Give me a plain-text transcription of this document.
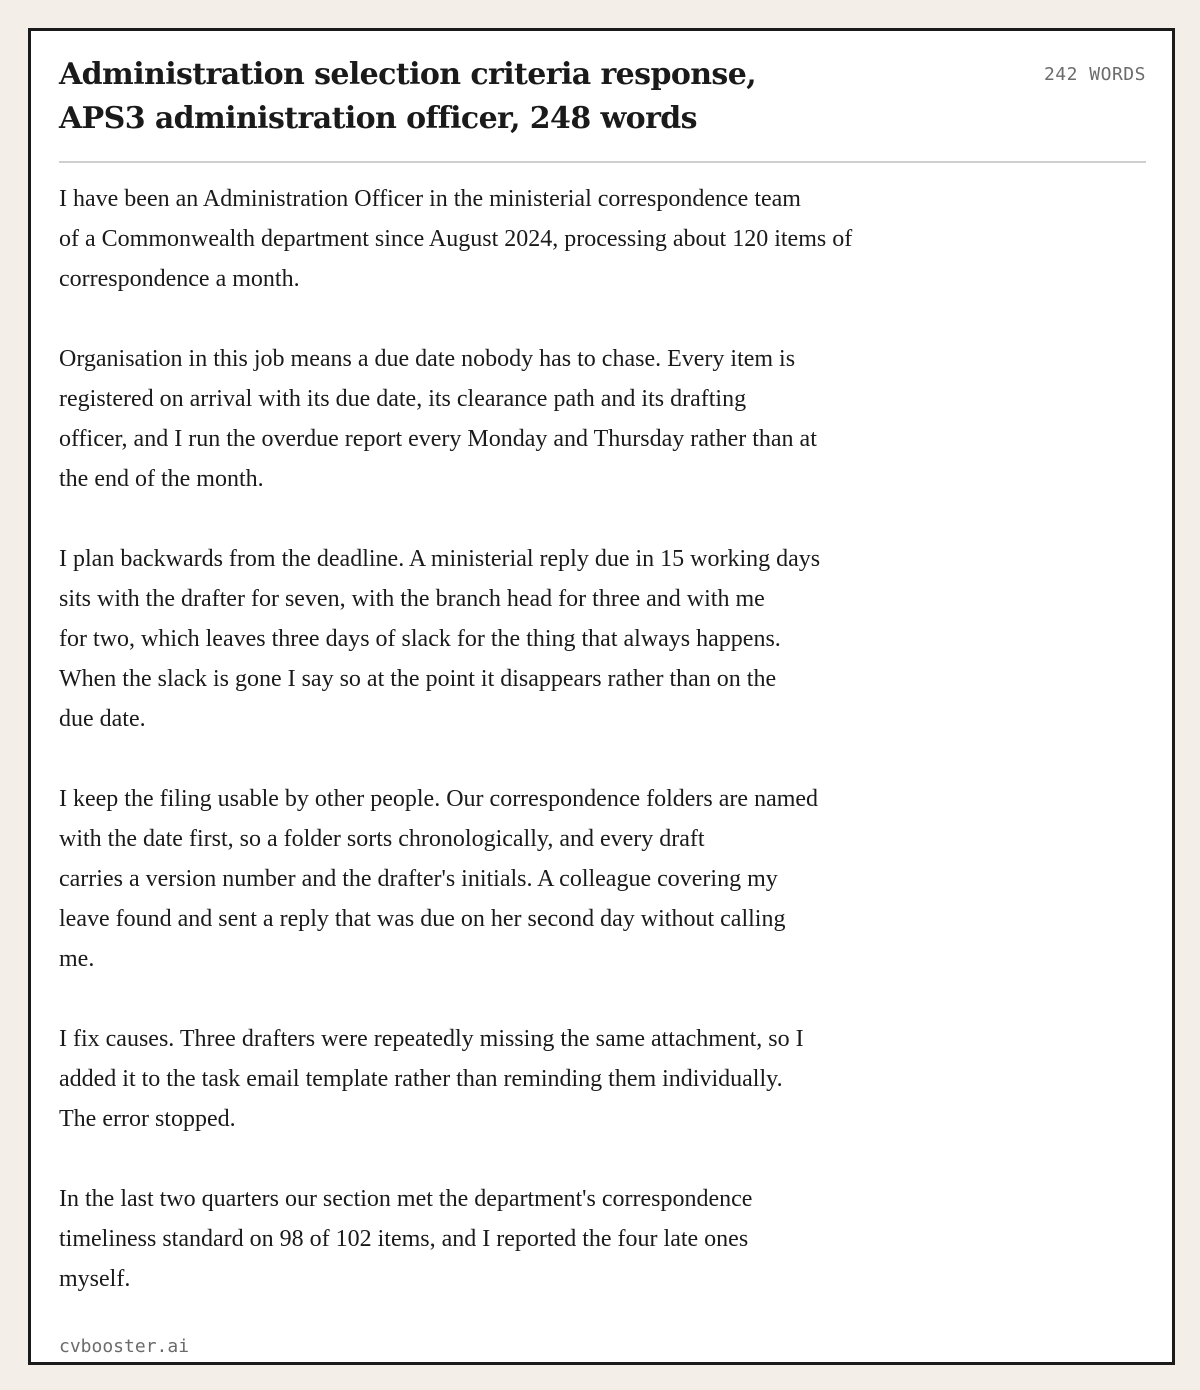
Administration selection criteria response,
APS3 administration officer, 248 words
242 WORDS

I have been an Administration Officer in the ministerial correspondence team
of a Commonwealth department since August 2024, processing about 120 items of
correspondence a month.

Organisation in this job means a due date nobody has to chase. Every item is
registered on arrival with its due date, its clearance path and its drafting
officer, and I run the overdue report every Monday and Thursday rather than at
the end of the month.

I plan backwards from the deadline. A ministerial reply due in 15 working days
sits with the drafter for seven, with the branch head for three and with me
for two, which leaves three days of slack for the thing that always happens.
When the slack is gone I say so at the point it disappears rather than on the
due date.

I keep the filing usable by other people. Our correspondence folders are named
with the date first, so a folder sorts chronologically, and every draft
carries a version number and the drafter's initials. A colleague covering my
leave found and sent a reply that was due on her second day without calling
me.

I fix causes. Three drafters were repeatedly missing the same attachment, so I
added it to the task email template rather than reminding them individually.
The error stopped.

In the last two quarters our section met the department's correspondence
timeliness standard on 98 of 102 items, and I reported the four late ones
myself.

cvbooster.ai
